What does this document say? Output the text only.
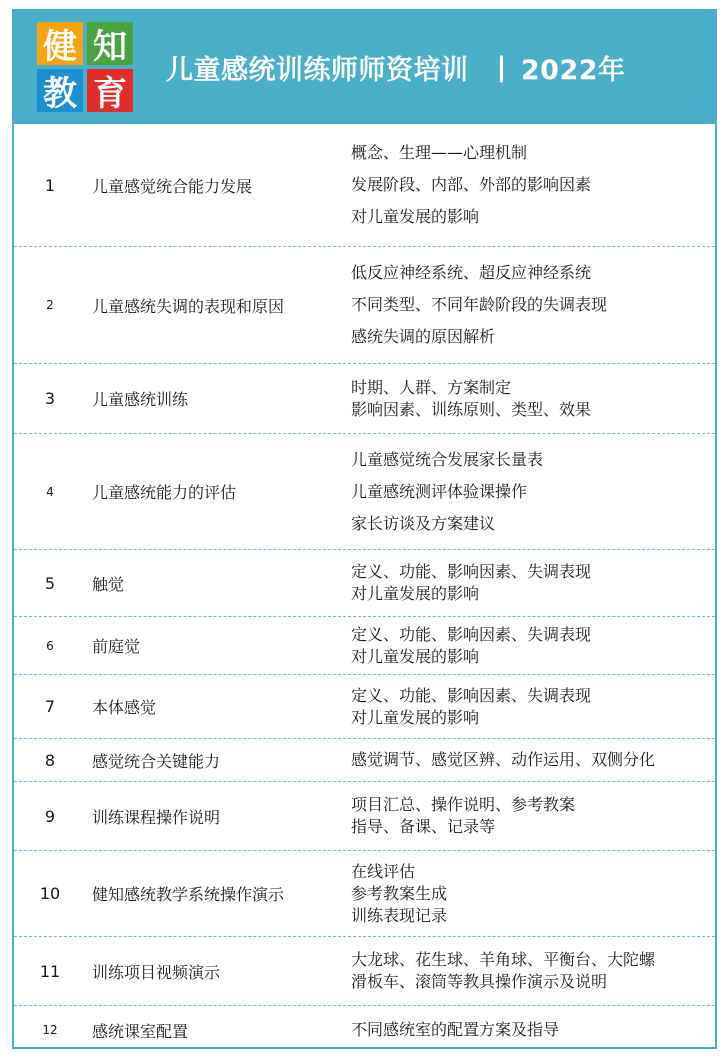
健 知
教 育
儿童感统训练师师资培训 | 2022年
1	儿童感觉统合能力发展
概念、生理——心理机制
发展阶段、内部、外部的影响因素
对儿童发展的影响
2	儿童感统失调的表现和原因
低反应神经系统、超反应神经系统
不同类型、不同年龄阶段的失调表现
感统失调的原因解析
3	儿童感统训练
时期、人群、方案制定
影响因素、训练原则、类型、效果
4	儿童感统能力的评估
儿童感觉统合发展家长量表
儿童感统测评体验课操作
家长访谈及方案建议
5	触觉
定义、功能、影响因素、失调表现
对儿童发展的影响
6	前庭觉
定义、功能、影响因素、失调表现
对儿童发展的影响
7	本体感觉
定义、功能、影响因素、失调表现
对儿童发展的影响
8	感觉统合关键能力	感觉调节、感觉区辨、动作运用、双侧分化
9	训练课程操作说明
项目汇总、操作说明、参考教案
指导、备课、记录等
10	健知感统教学系统操作演示
在线评估
参考教案生成
训练表现记录
11	训练项目视频演示
大龙球、花生球、羊角球、平衡台、大陀螺
滑板车、滚筒等教具操作演示及说明
12	感统课室配置	不同感统室的配置方案及指导
